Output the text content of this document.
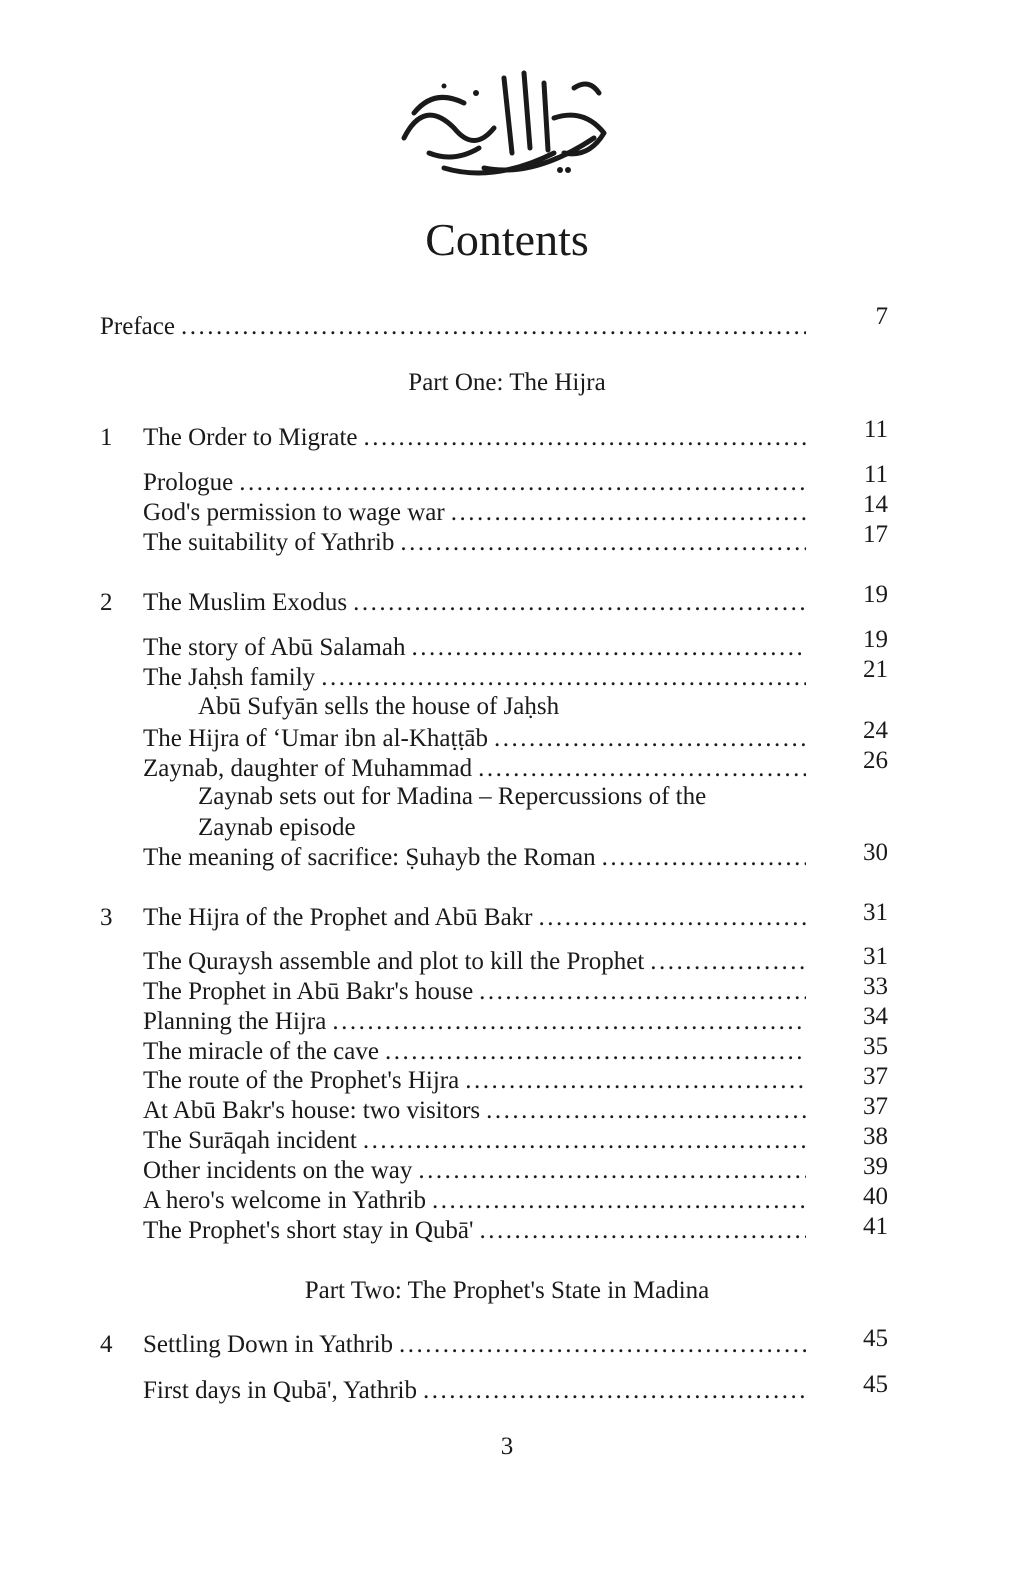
Contents
Preface .....	7
Part One: The Hijra
1	The Order to Migrate .....	11
Prologue .....	11
God's permission to wage war .....	14
The suitability of Yathrib .....	17
2	The Muslim Exodus .....	19
The story of Abū Salamah .....	19
The Jaḥsh family .....	21
Abū Sufyān sells the house of Jaḥsh
The Hijra of ‘Umar ibn al-Khaṭṭāb .....	24
Zaynab, daughter of Muhammad .....	26
Zaynab sets out for Madina – Repercussions of the
Zaynab episode
The meaning of sacrifice: Ṣuhayb the Roman .....	30
3	The Hijra of the Prophet and Abū Bakr .....	31
The Quraysh assemble and plot to kill the Prophet .....	31
The Prophet in Abū Bakr's house .....	33
Planning the Hijra .....	34
The miracle of the cave .....	35
The route of the Prophet's Hijra .....	37
At Abū Bakr's house: two visitors .....	37
The Surāqah incident .....	38
Other incidents on the way .....	39
A hero's welcome in Yathrib .....	40
The Prophet's short stay in Qubā' .....	41
Part Two: The Prophet's State in Madina
4	Settling Down in Yathrib .....	45
First days in Qubā', Yathrib .....	45
3
